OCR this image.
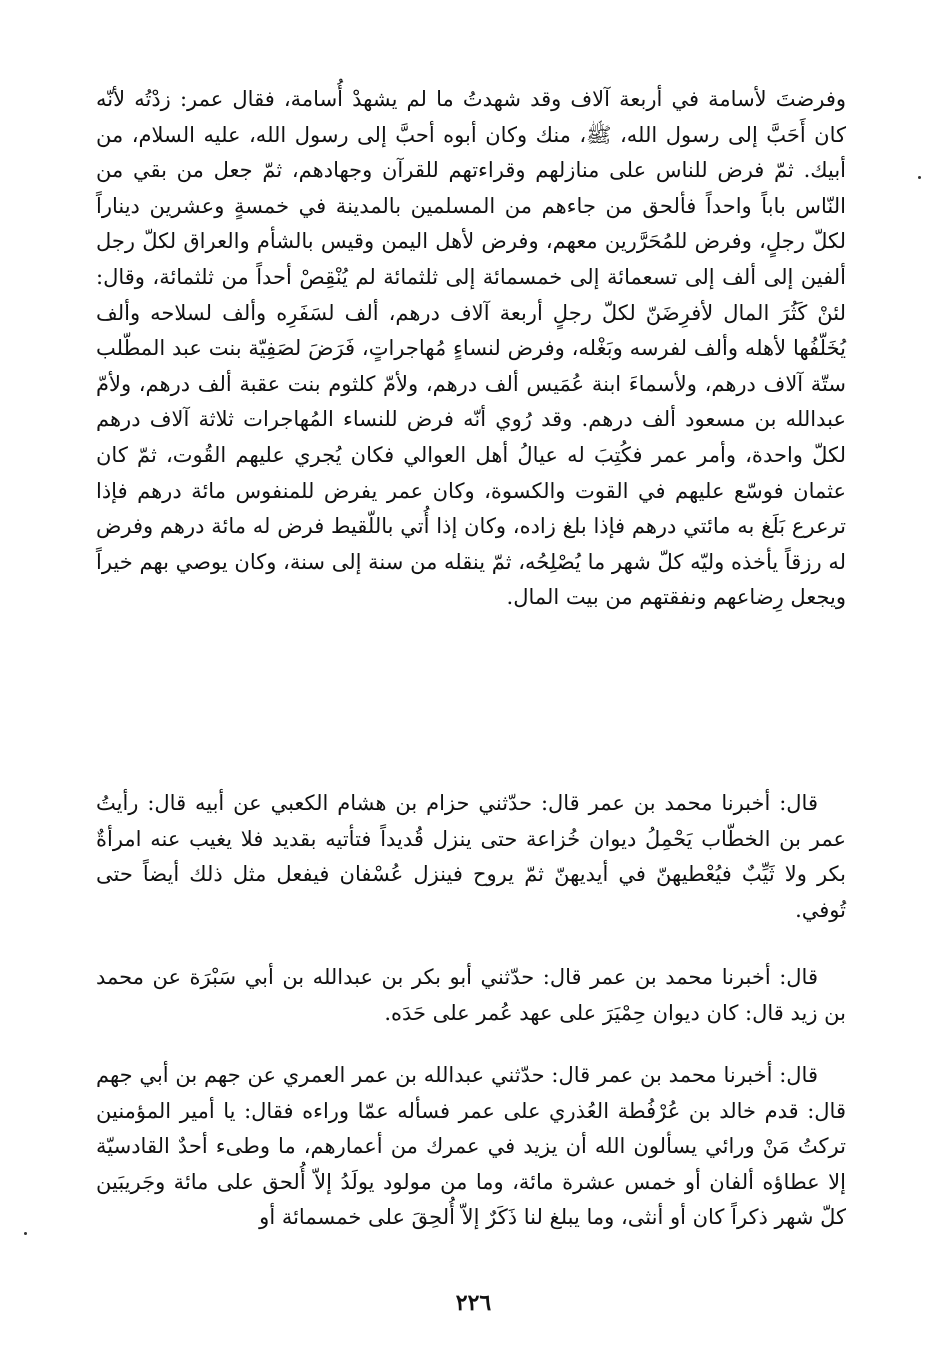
وفرضتَ لأسامة في أربعة آلاف وقد شهدتُ ما لم يشهدْ أُسامة، فقال عمر: زدْتُه لأنّه كان أَحَبَّ إلى رسول الله، ﷺ، منك وكان أبوه أحبَّ إلى رسول الله، عليه السلام، من أبيك. ثمّ فرض للناس على منازلهم وقراءتهم للقرآن وجهادهم، ثمّ جعل من بقي من النّاس باباً واحداً فألحق من جاءهم من المسلمين بالمدينة في خمسةٍ وعشرين ديناراً لكلّ رجلٍ، وفرض للمُحَرَّرين معهم، وفرض لأهل اليمن وقيس بالشأم والعراق لكلّ رجل ألفين إلى ألف إلى تسعمائة إلى خمسمائة إلى ثلثمائة لم يُنْقِصْ أحداً من ثلثمائة، وقال: لئنْ كَثُرَ المال لأفرِضَنّ لكلّ رجلٍ أربعة آلاف درهم، ألف لسَفَرِه وألف لسلاحه وألف يُخَلّفُها لأهله وألف لفرسه وبَغْله، وفرض لنساءٍ مُهاجراتٍ، فَرَضَ لصَفِيّة بنت عبد المطّلب ستّة آلاف درهم، ولأسماءَ ابنة عُمَيس ألف درهم، ولأمّ كلثوم بنت عقبة ألف درهم، ولأمّ عبدالله بن مسعود ألف درهم. وقد رُوي أنّه فرض للنساء المُهاجرات ثلاثة آلاف درهم لكلّ واحدة، وأمر عمر فكُتِبَ له عيالُ أهل العوالي فكان يُجري عليهم القُوت، ثمّ كان عثمان فوسّع عليهم في القوت والكسوة، وكان عمر يفرض للمنفوس مائة درهم فإذا ترعرع بَلَغ به مائتي درهم فإذا بلغ زاده، وكان إذا أُتي باللّقيط فرض له مائة درهم وفرض له رزقاً يأخذه وليّه كلّ شهر ما يُصْلِحُه، ثمّ ينقله من سنة إلى سنة، وكان يوصي بهم خيراً ويجعل رِضاعهم ونفقتهم من بيت المال.

قال: أخبرنا محمد بن عمر قال: حدّثني حزام بن هشام الكعبي عن أبيه قال: رأيتُ عمر بن الخطّاب يَحْمِلُ ديوان خُزاعة حتى ينزل قُديداً فتأتيه بقديد فلا يغيب عنه امرأةٌ بكر ولا ثَيِّبٌ فيُعْطيهنّ في أيديهنّ ثمّ يروح فينزل عُسْفان فيفعل مثل ذلك أيضاً حتى تُوفي.

قال: أخبرنا محمد بن عمر قال: حدّثني أبو بكر بن عبدالله بن أبي سَبْرَة عن محمد بن زيد قال: كان ديوان حِمْيَرَ على عهد عُمر على حَدَه.

قال: أخبرنا محمد بن عمر قال: حدّثني عبدالله بن عمر العمري عن جهم بن أبي جهم قال: قدم خالد بن عُرْفُطة العُذري على عمر فسأله عمّا وراءه فقال: يا أمير المؤمنين تركتُ مَنْ ورائي يسألون الله أن يزيد في عمرك من أعمارهم، ما وطىء أحدٌ القادسيّة إلا عطاؤه ألفان أو خمس عشرة مائة، وما من مولود يولَدُ إلاّ أُلحق على مائة وجَريبَين كلّ شهر ذكراً كان أو أنثى، وما يبلغ لنا ذَكَرٌ إلاّ أُلحِقَ على خمسمائة أو

٢٢٦
